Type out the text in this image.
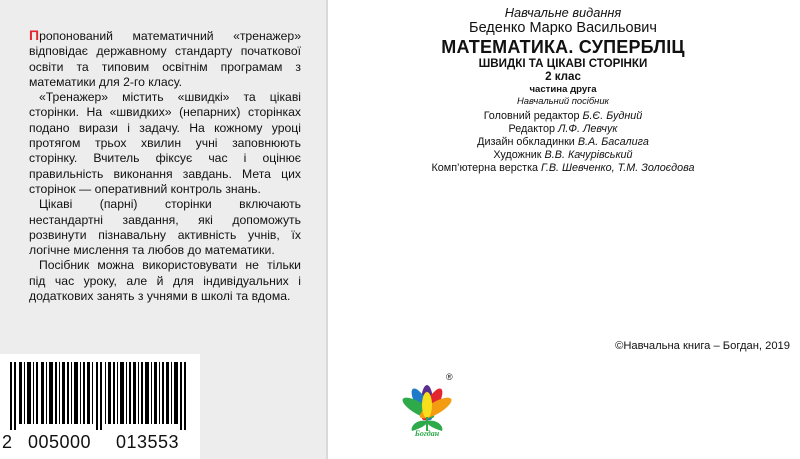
Пропонований математичний «тренажер» відповідає державному стандарту початкової освіти та типовим освітнім програмам з математики для 2-го класу.

«Тренажер» містить «швидкі» та цікаві сторінки. На «швидких» (непарних) сторінках подано вирази і задачу. На кожному уроці протягом трьох хвилин учні заповнюють сторінку. Вчитель фіксує час і оцінює правильність виконання завдань. Мета цих сторінок — оперативний контроль знань.

Цікаві (парні) сторінки включають нестандартні завдання, які допоможуть розвинути пізнавальну активність учнів, їх логічне мислення та любов до математики.

Посібник можна використовувати не тільки під час уроку, але й для індивідуальних і додаткових занять з учнями в школі та вдома.

2 005000 013553
Навчальне видання
Беденко Марко Васильович
МАТЕМАТИКА. СУПЕРБЛІЦ
ШВИДКІ ТА ЦІКАВІ СТОРІНКИ
2 клас
частина друга
Навчальний посібник
Головний редактор Б.Є. Будний
Редактор Л.Ф. Левчук
Дизайн обкладинки В.А. Басалига
Художник В.В. Качурівський
Комп’ютерна верстка Г.В. Шевченко, Т.М. Золоєдова
©Навчальна книга – Богдан, 2019
®
Богдан
